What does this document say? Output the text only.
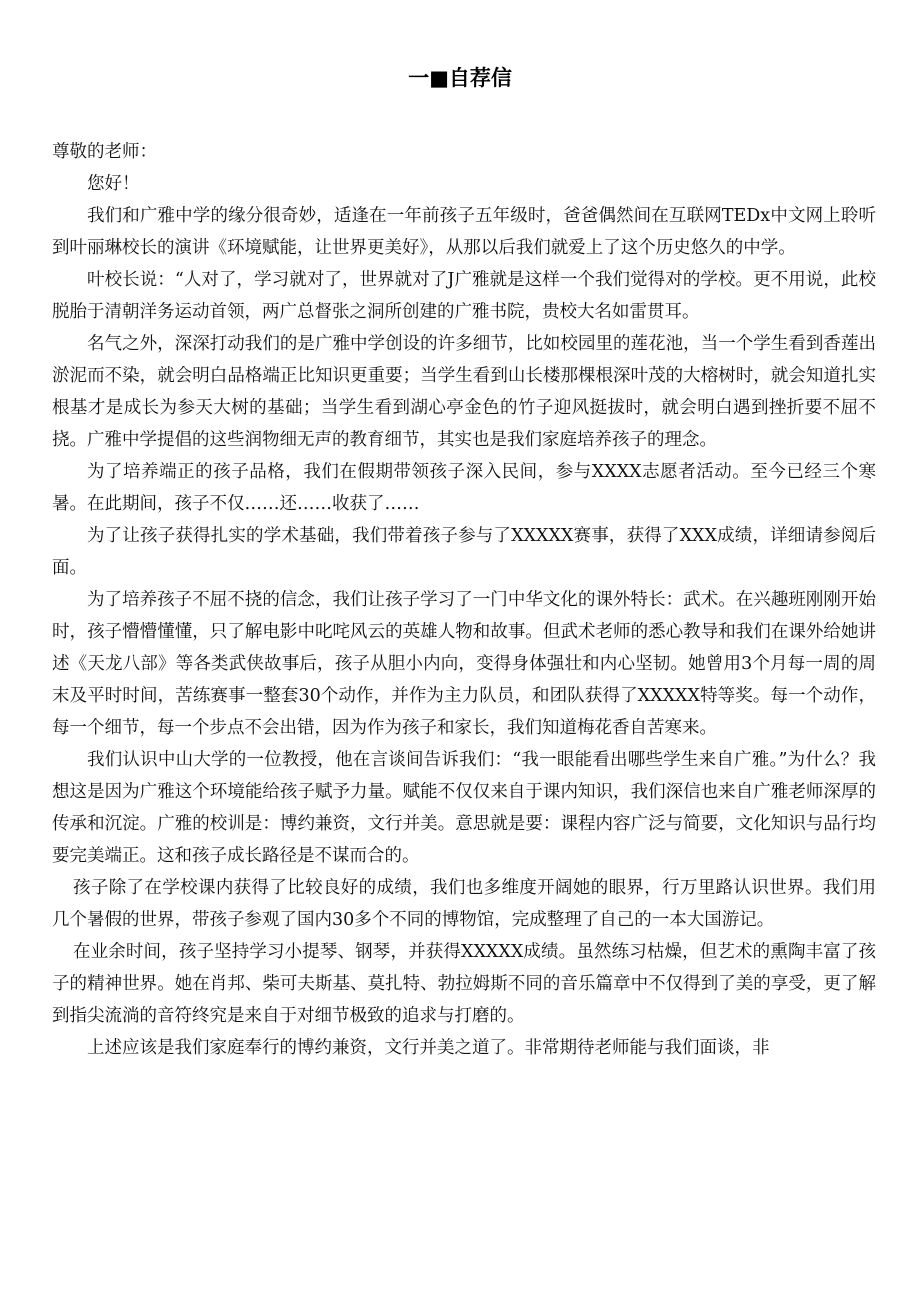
一■自荐信

尊敬的老师：

您好！

我们和广雅中学的缘分很奇妙，适逢在一年前孩子五年级时，爸爸偶然间在互联网TEDx中文网上聆听到叶丽琳校长的演讲《环境赋能，让世界更美好》，从那以后我们就爱上了这个历史悠久的中学。

叶校长说：“人对了，学习就对了，世界就对了J广雅就是这样一个我们觉得对的学校。更不用说，此校脱胎于清朝洋务运动首领，两广总督张之洞所创建的广雅书院，贵校大名如雷贯耳。

名气之外，深深打动我们的是广雅中学创设的许多细节，比如校园里的莲花池，当一个学生看到香莲出淤泥而不染，就会明白品格端正比知识更重要；当学生看到山长楼那棵根深叶茂的大榕树时，就会知道扎实根基才是成长为参天大树的基础；当学生看到湖心亭金色的竹子迎风挺拔时，就会明白遇到挫折要不屈不挠。广雅中学提倡的这些润物细无声的教育细节，其实也是我们家庭培养孩子的理念。

为了培养端正的孩子品格，我们在假期带领孩子深入民间，参与XXXX志愿者活动。至今已经三个寒暑。在此期间，孩子不仅……还……收获了……

为了让孩子获得扎实的学术基础，我们带着孩子参与了XXXXX赛事，获得了XXX成绩，详细请参阅后面。

为了培养孩子不屈不挠的信念，我们让孩子学习了一门中华文化的课外特长：武术。在兴趣班刚刚开始时，孩子懵懵懂懂，只了解电影中叱咤风云的英雄人物和故事。但武术老师的悉心教导和我们在课外给她讲述《天龙八部》等各类武侠故事后，孩子从胆小内向，变得身体强壮和内心坚韧。她曾用3个月每一周的周末及平时时间，苦练赛事一整套30个动作，并作为主力队员，和团队获得了XXXXX特等奖。每一个动作，每一个细节，每一个步点不会出错，因为作为孩子和家长，我们知道梅花香自苦寒来。

我们认识中山大学的一位教授，他在言谈间告诉我们：“我一眼能看出哪些学生来自广雅。”为什么？我想这是因为广雅这个环境能给孩子赋予力量。赋能不仅仅来自于课内知识，我们深信也来自广雅老师深厚的传承和沉淀。广雅的校训是：博约兼资，文行并美。意思就是要：课程内容广泛与简要，文化知识与品行均要完美端正。这和孩子成长路径是不谋而合的。

孩子除了在学校课内获得了比较良好的成绩，我们也多维度开阔她的眼界，行万里路认识世界。我们用几个暑假的世界，带孩子参观了国内30多个不同的博物馆，完成整理了自己的一本大国游记。

在业余时间，孩子坚持学习小提琴、钢琴，并获得XXXXX成绩。虽然练习枯燥，但艺术的熏陶丰富了孩子的精神世界。她在肖邦、柴可夫斯基、莫扎特、勃拉姆斯不同的音乐篇章中不仅得到了美的享受，更了解到指尖流淌的音符终究是来自于对细节极致的追求与打磨的。

上述应该是我们家庭奉行的博约兼资，文行并美之道了。非常期待老师能与我们面谈，非
